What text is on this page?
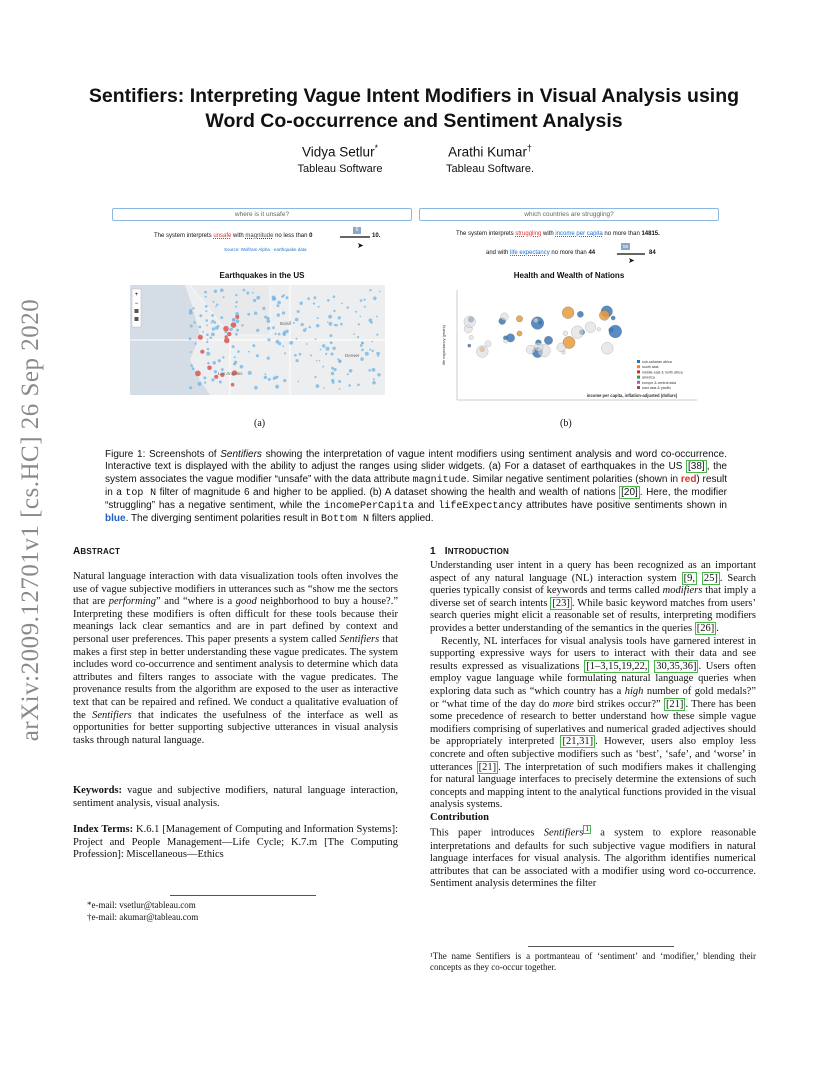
arXiv:2009.12701v1 [cs.HC] 26 Sep 2020
Sentifiers: Interpreting Vague Intent Modifiers in Visual Analysis using
Word Co-occurrence and Sentiment Analysis
Vidya Setlur*
Tableau Software
Arathi Kumar†
Tableau Software.
where is it unsafe?
The system interprets unsafe with magnitude no less than 0
6
10.
➤
Source: Wolfram Alpha - earthquake data
Earthquakes in the US
+
−
Boise
Denver
Los Angeles
which countries are struggling?
The system interprets struggling with income per capita no more than 14815.
and with life expectancy no more than 44
58
84
➤
Health and Wealth of Nations
life expectancy (years)
income per capita, inflation-adjusted (dollars)
sub-saharan africa
south asia
middle east & north africa
america
europe & central asia
east asia & pacific
(a)	(b)
Figure 1: Screenshots of Sentifiers showing the interpretation of vague intent modifiers using sentiment analysis and word co-occurrence. Interactive text is displayed with the ability to adjust the ranges using slider widgets. (a) For a dataset of earthquakes in the US [38] , the system associates the vague modifier “unsafe” with the data attribute magnitude. Similar negative sentiment polarities (shown in red) result in a top N filter of magnitude 6 and higher to be applied. (b) A dataset showing the health and wealth of nations [20] . Here, the modifier “struggling” has a negative sentiment, while the incomePerCapita and lifeExpectancy attributes have positive sentiments shown in blue. The diverging sentiment polarities result in Bottom N filters applied.
ABSTRACT
Natural language interaction with data visualization tools often involves the use of vague subjective modifiers in utterances such as “show me the sectors that are performing” and “where is a good neighborhood to buy a house?.” Interpreting these modifiers is often difficult for these tools because their meanings lack clear semantics and are in part defined by context and personal user preferences. This paper presents a system called Sentifiers that makes a first step in better understanding these vague predicates. The system includes word co-occurrence and sentiment analysis to determine which data attributes and filters ranges to associate with the vague predicates. The provenance results from the algorithm are exposed to the user as interactive text that can be repaired and refined. We conduct a qualitative evaluation of the Sentifiers that indicates the usefulness of the interface as well as opportunities for better supporting subjective utterances in visual analysis tasks through natural language.
Keywords: vague and subjective modifiers, natural language interaction, sentiment analysis, visual analysis.
Index Terms: K.6.1 [Management of Computing and Information Systems]: Project and People Management—Life Cycle; K.7.m [The Computing Profession]: Miscellaneous—Ethics
*e-mail: vsetlur@tableau.com
†e-mail: akumar@tableau.com
1 INTRODUCTION
Understanding user intent in a query has been recognized as an important aspect of any natural language (NL) interaction system [9, 25] . Search queries typically consist of keywords and terms called modifiers that imply a diverse set of search intents [23] . While basic keyword matches from users’ search queries might elicit a reasonable set of results, interpreting modifiers provides a better understanding of the semantics in the queries [26] .
Recently, NL interfaces for visual analysis tools have garnered interest in supporting expressive ways for users to interact with their data and see results expressed as visualizations [1–3,15,19,22, 30,35,36] . Users often employ vague language while formulating natural language queries when exploring data such as “which country has a high number of gold medals?” or “what time of the day do more bird strikes occur?” [21] . There has been some precedence of research to better understand how these simple vague modifiers comprising of superlatives and numerical graded adjectives should be appropriately interpreted [21,31] . However, users also employ less concrete and often subjective modifiers such as ‘best’, ‘safe’, and ‘worse’ in utterances [21] . The interpretation of such modifiers makes it challenging for natural language interfaces to precisely determine the extensions of such concepts and mapping intent to the analytical functions provided in the visual analysis systems.
Contribution
This paper introduces Sentifiers $^1$ a system to explore reasonable interpretations and defaults for such subjective vague modifiers in natural language interfaces for visual analysis. The algorithm identifies numerical attributes that can be associated with a modifier using word co-occurrence. Sentiment analysis determines the filter
¹The name Sentifiers is a portmanteau of ‘sentiment’ and ‘modifier,’ blending their concepts as they co-occur together.
